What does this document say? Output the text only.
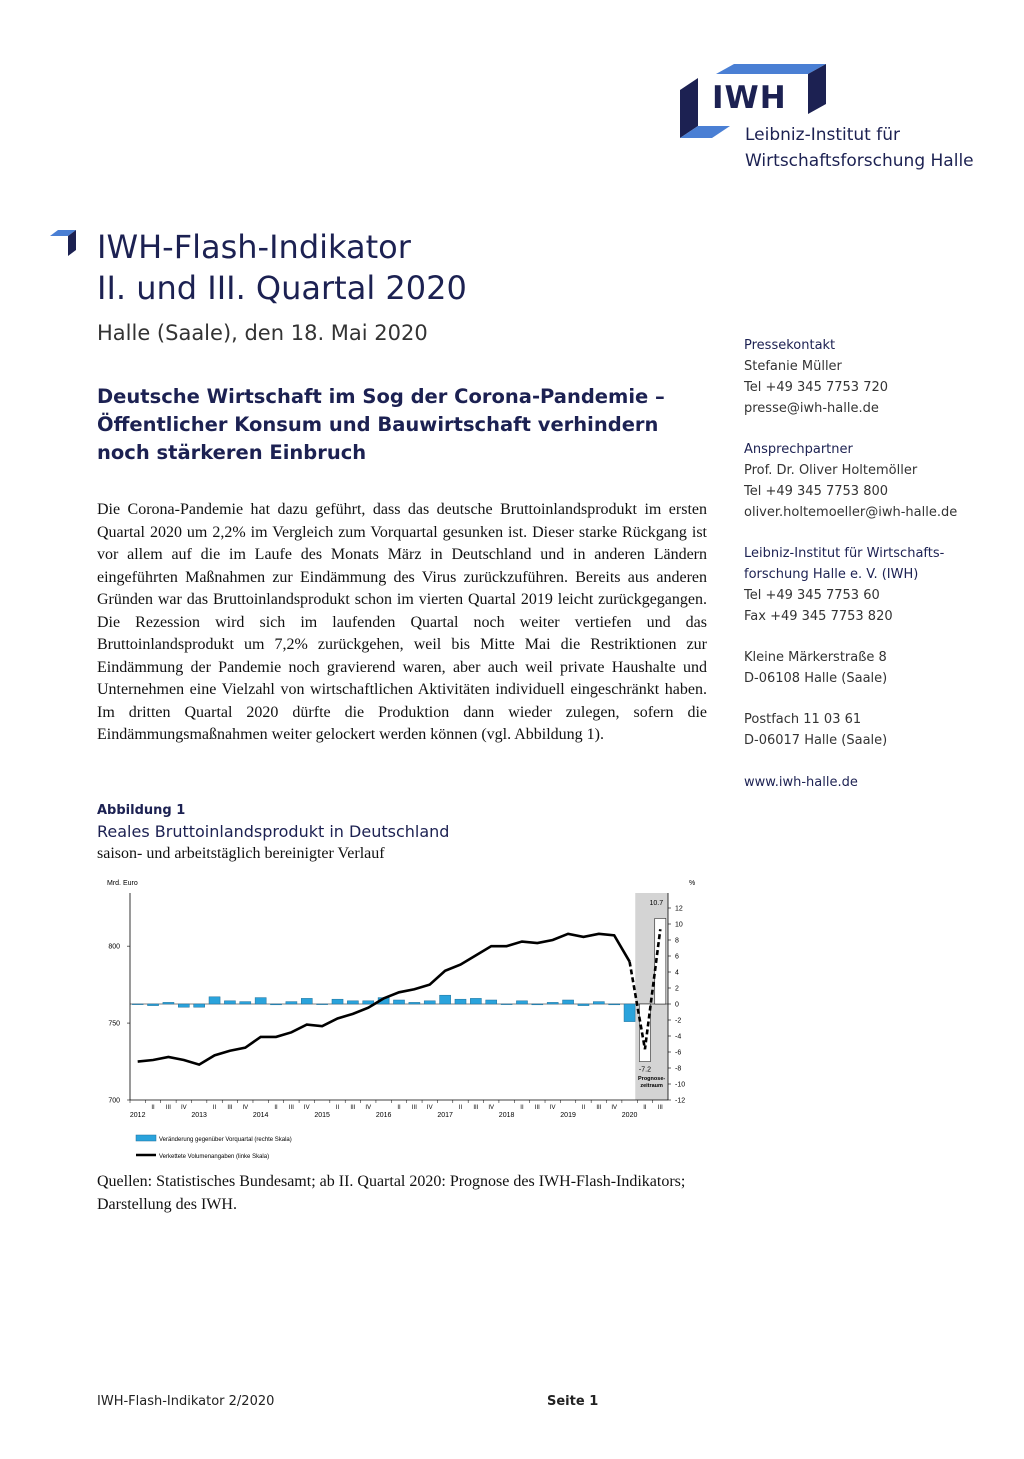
IWH
Leibniz-Institut für
Wirtschaftsforschung Halle
IWH-Flash-Indikator
II. und III. Quartal 2020
Halle (Saale), den 18. Mai 2020
Deutsche Wirtschaft im Sog der Corona-Pandemie – Öffentlicher Konsum und Bauwirtschaft verhindern noch stärkeren Einbruch
Die Corona-Pandemie hat dazu geführt, dass das deutsche Bruttoinlandsprodukt im ersten Quartal 2020 um 2,2% im Vergleich zum Vorquartal gesunken ist. Dieser starke Rückgang ist vor allem auf die im Laufe des Monats März in Deutschland und in anderen Ländern eingeführten Maßnahmen zur Eindämmung des Virus zurückzuführen. Bereits aus anderen Gründen war das Bruttoinlandsprodukt schon im vierten Quartal 2019 leicht zurückgegangen. Die Rezession wird sich im laufenden Quartal noch weiter vertiefen und das Bruttoinlandsprodukt um 7,2% zurückgehen, weil bis Mitte Mai die Restriktionen zur Eindämmung der Pandemie noch gravierend waren, aber auch weil private Haushalte und Unternehmen eine Vielzahl von wirtschaftlichen Aktivitäten individuell eingeschränkt haben. Im dritten Quartal 2020 dürfte die Produktion dann wieder zulegen, sofern die Eindämmungsmaßnahmen weiter gelockert werden können (vgl. Abbildung 1).
Pressekontakt
Stefanie Müller
Tel +49 345 7753 720
presse@iwh-halle.de
Ansprechpartner
Prof. Dr. Oliver Holtemöller
Tel +49 345 7753 800
oliver.holtemoeller@iwh-halle.de
Leibniz-Institut für Wirtschafts-
forschung Halle e. V. (IWH)
Tel +49 345 7753 60
Fax +49 345 7753 820
Kleine Märkerstraße 8
D-06108 Halle (Saale)
Postfach 11 03 61
D-06017 Halle (Saale)
www.iwh-halle.de
Abbildung 1
Reales Bruttoinlandsprodukt in Deutschland
saison- und arbeitstäglich bereinigter Verlauf
Mrd. Euro	%
700
750
800
-12
-10
-8
-6
-4
-2
0
2
4
6
8
10
12
10.7
-7.2
Prognose-
zeitraum
2012
II III IV
2013
II III IV
2014
II III IV
2015
II III IV
2016
II III IV
2017
II III IV
2018
II III IV
2019
II III IV
2020
II III
Veränderung gegenüber Vorquartal (rechte Skala)
Verkettete Volumenangaben (linke Skala)
Quellen: Statistisches Bundesamt; ab II. Quartal 2020: Prognose des IWH-Flash-Indikators; Darstellung des IWH.
IWH-Flash-Indikator 2/2020	Seite 1
